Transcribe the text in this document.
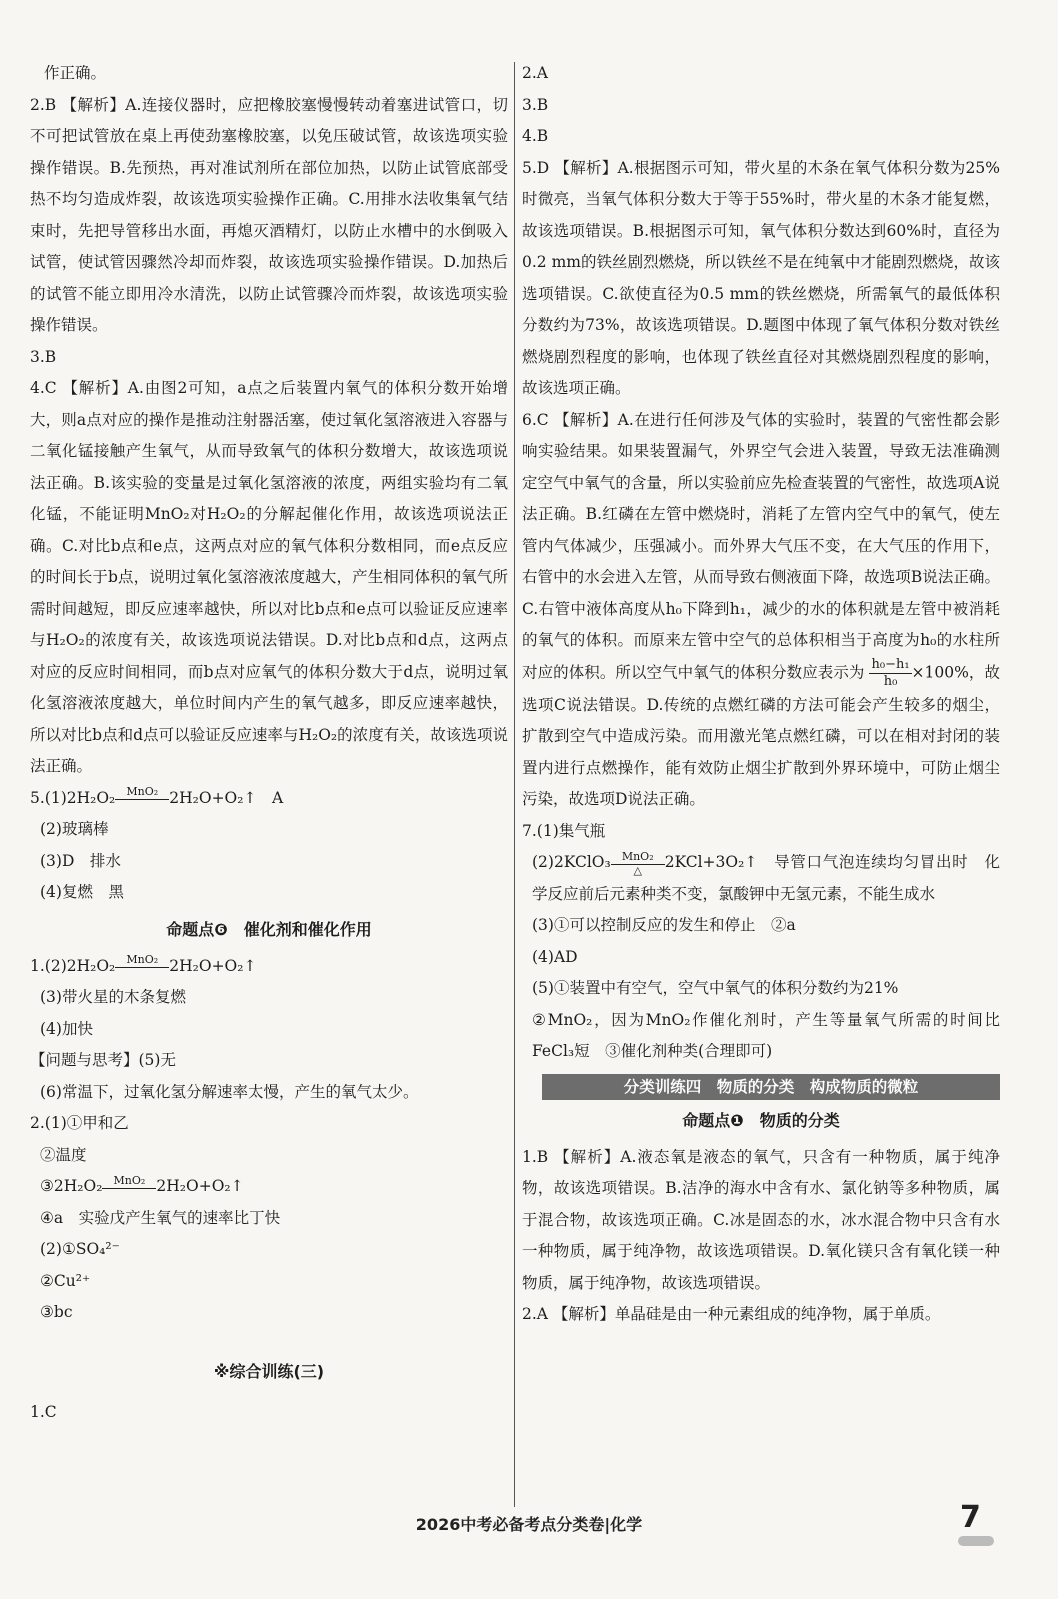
作正确。

2.B 【解析】A.连接仪器时，应把橡胶塞慢慢转动着塞进试管口，切不可把试管放在桌上再使劲塞橡胶塞，以免压破试管，故该选项实验操作错误。B.先预热，再对准试剂所在部位加热，以防止试管底部受热不均匀造成炸裂，故该选项实验操作正确。C.用排水法收集氧气结束时，先把导管移出水面，再熄灭酒精灯，以防止水槽中的水倒吸入试管，使试管因骤然冷却而炸裂，故该选项实验操作错误。D.加热后的试管不能立即用冷水清洗，以防止试管骤冷而炸裂，故该选项实验操作错误。

3.B

4.C 【解析】A.由图2可知，a点之后装置内氧气的体积分数开始增大，则a点对应的操作是推动注射器活塞，使过氧化氢溶液进入容器与二氧化锰接触产生氧气，从而导致氧气的体积分数增大，故该选项说法正确。B.该实验的变量是过氧化氢溶液的浓度，两组实验均有二氧化锰，不能证明MnO₂对H₂O₂的分解起催化作用，故该选项说法正确。C.对比b点和e点，这两点对应的氧气体积分数相同，而e点反应的时间长于b点，说明过氧化氢溶液浓度越大，产生相同体积的氧气所需时间越短，即反应速率越快，所以对比b点和e点可以验证反应速率与H₂O₂的浓度有关，故该选项说法错误。D.对比b点和d点，这两点对应的反应时间相同，而b点对应氧气的体积分数大于d点，说明过氧化氢溶液浓度越大，单位时间内产生的氧气越多，即反应速率越快，所以对比b点和d点可以验证反应速率与H₂O₂的浓度有关，故该选项说法正确。

5.(1)2H₂O₂	MnO₂
2H₂O+O₂↑　A

(2)玻璃棒

(3)D　排水

(4)复燃　黑

命题点❻　催化剂和催化作用

1.(2)2H₂O₂	MnO₂
2H₂O+O₂↑

(3)带火星的木条复燃

(4)加快

【问题与思考】(5)无

(6)常温下，过氧化氢分解速率太慢，产生的氧气太少。

2.(1)①甲和乙

②温度

③2H₂O₂	MnO₂
2H₂O+O₂↑

④a　实验戊产生氧气的速率比丁快

(2)①SO₄²⁻

②Cu²⁺

③bc

※综合训练(三)

1.C

2.A

3.B

4.B

5.D 【解析】A.根据图示可知，带火星的木条在氧气体积分数为25%时微亮，当氧气体积分数大于等于55%时，带火星的木条才能复燃，故该选项错误。B.根据图示可知，氧气体积分数达到60%时，直径为0.2 mm的铁丝剧烈燃烧，所以铁丝不是在纯氧中才能剧烈燃烧，故该选项错误。C.欲使直径为0.5 mm的铁丝燃烧，所需氧气的最低体积分数约为73%，故该选项错误。D.题图中体现了氧气体积分数对铁丝燃烧剧烈程度的影响，也体现了铁丝直径对其燃烧剧烈程度的影响，故该选项正确。

6.C 【解析】A.在进行任何涉及气体的实验时，装置的气密性都会影响实验结果。如果装置漏气，外界空气会进入装置，导致无法准确测定空气中氧气的含量，所以实验前应先检查装置的气密性，故选项A说法正确。B.红磷在左管中燃烧时，消耗了左管内空气中的氧气，使左管内气体减少，压强减小。而外界大气压不变，在大气压的作用下，右管中的水会进入左管，从而导致右侧液面下降，故选项B说法正确。C.右管中液体高度从h₀下降到h₁，减少的水的体积就是左管中被消耗的氧气的体积。而原来左管中空气的总体积相当于高度为h₀的水柱所对应的体积。所以空气中氧气的体积分数应表示为 $\frac{\text{h₀−h₁}}{\text{h₀}} \times 100\%$，故选项C说法错误。D.传统的点燃红磷的方法可能会产生较多的烟尘，扩散到空气中造成污染。而用激光笔点燃红磷，可以在相对封闭的装置内进行点燃操作，能有效防止烟尘扩散到外界环境中，可防止烟尘污染，故选项D说法正确。

7.(1)集气瓶

(2)2KClO₃	MnO₂
△	2KCl+3O₂↑　导管口气泡连续均匀冒出时　化学反应前后元素种类不变，氯酸钾中无氢元素，不能生成水

(3)①可以控制反应的发生和停止　②a

(4)AD

(5)①装置中有空气，空气中氧气的体积分数约为21%

②MnO₂，因为MnO₂作催化剂时，产生等量氧气所需的时间比FeCl₃短　③催化剂种类(合理即可)

分类训练四　物质的分类　构成物质的微粒
命题点❶　物质的分类

1.B 【解析】A.液态氧是液态的氧气，只含有一种物质，属于纯净物，故该选项错误。B.洁净的海水中含有水、氯化钠等多种物质，属于混合物，故该选项正确。C.冰是固态的水，冰水混合物中只含有水一种物质，属于纯净物，故该选项错误。D.氧化镁只含有氧化镁一种物质，属于纯净物，故该选项错误。

2.A 【解析】单晶硅是由一种元素组成的纯净物，属于单质。

2026中考必备考点分类卷|化学	7
